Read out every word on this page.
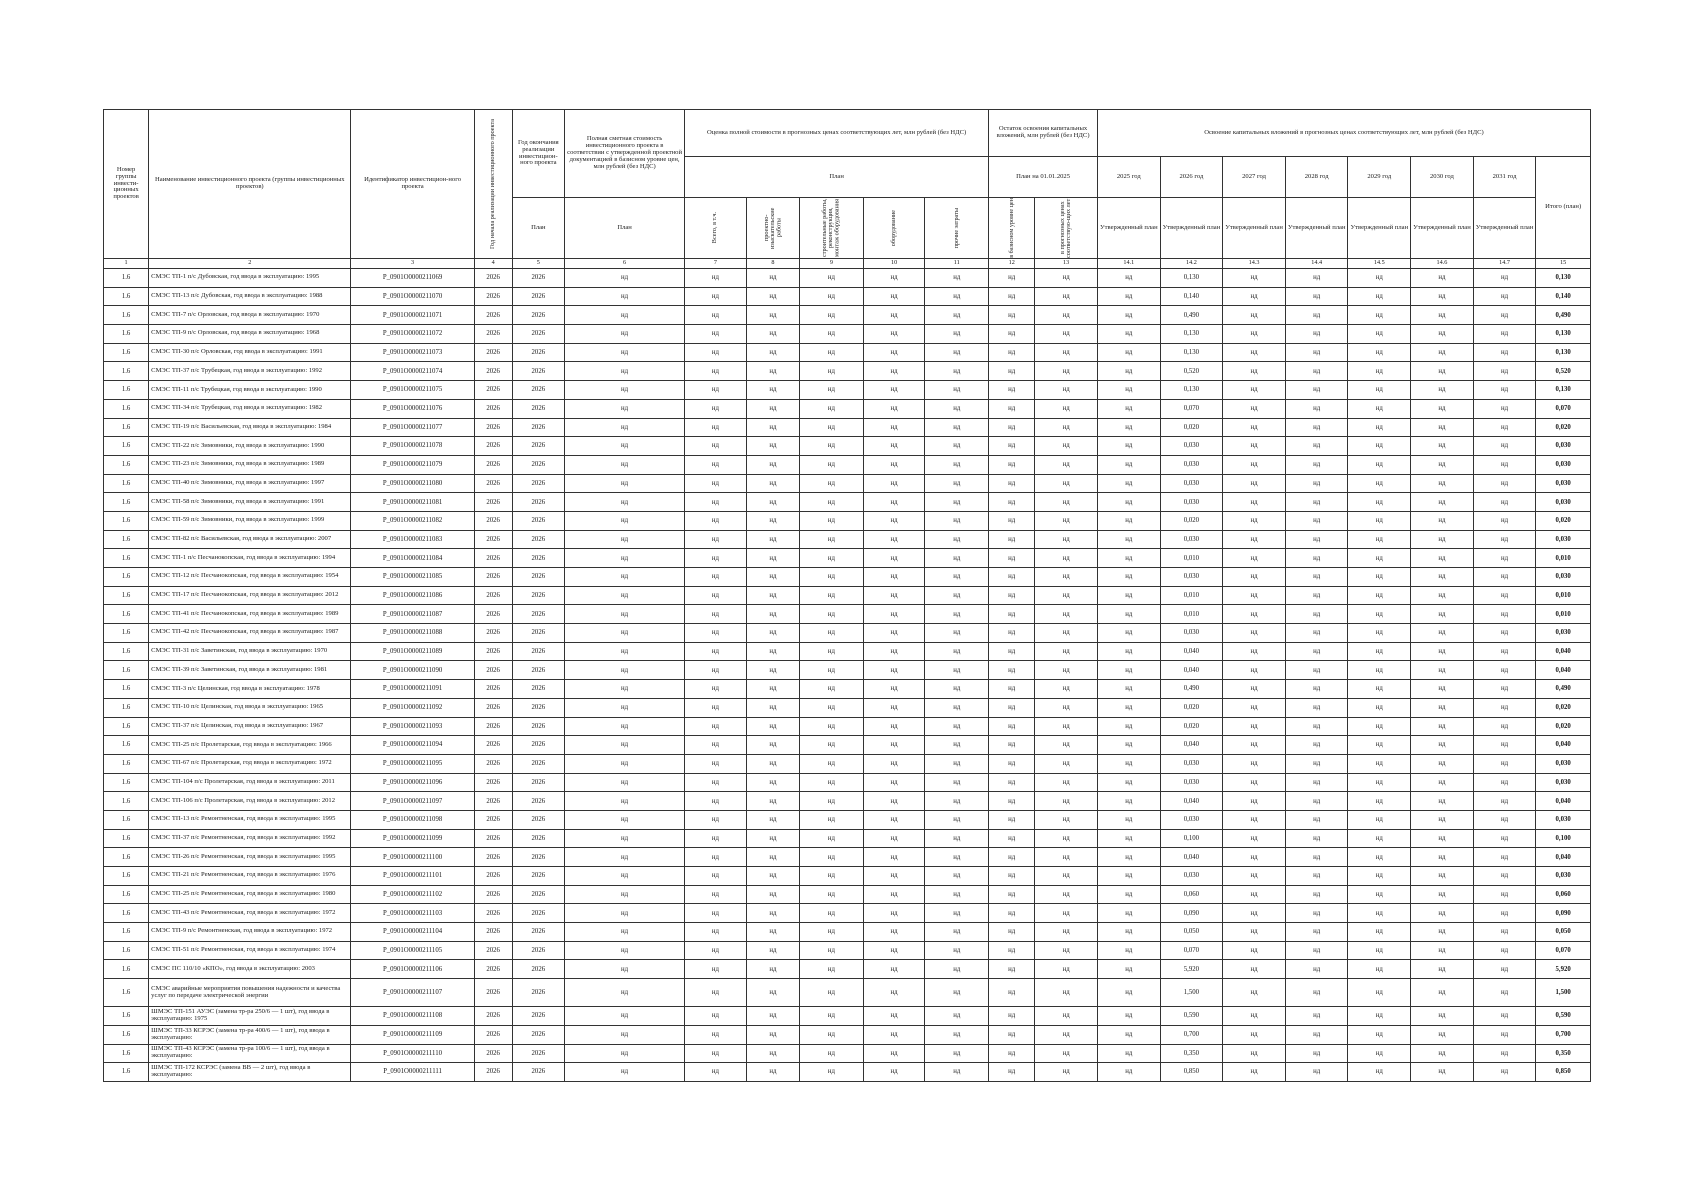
Номер группы инвести-ционных проектов	Наименование инвестиционного проекта (группы инвестиционных проектов)	Идентификатор инвестицион-ного проекта	Год начала реализации инвестиционного проекта	Год окончания реализации инвестицион-ного проекта	Полная сметная стоимость инвестиционного проекта в соответствии с утвержденной проектной документацией в базисном уровне цен, млн рублей (без НДС)	Оценка полной стоимости в прогнозных ценах соответствующих лет, млн рублей (без НДС)					Остаток освоения капитальных вложений, млн рублей (без НДС)		Освоение капитальных вложений в прогнозных ценах соответствующих лет, млн рублей (без НДС)							
						План					План на 01.01.2025		2025 год	2026 год	2027 год	2028 год	2029 год	2030 год	2031 год	Итого (план)
				План	План	Всего, в т.ч.	проектно-изыскательские работы	строительные работы, реконструкция, монтаж оборудования	оборудование	прочие затраты	в базисном уровне цен	в прогнозных ценах соответствую-щих лет	Утвержденный план	Утвержденный план	Утвержденный план	Утвержденный план	Утвержденный план	Утвержденный план	Утвержденный план	
1	2	3	4	5	6	7	8	9	10	11	12	13	14.1	14.2	14.3	14.4	14.5	14.6	14.7	15
1.6	СМЭС ТП-1 п/с Дубовская, год ввода в эксплуатацию: 1995	P_0901O0000211069	2026	2026	нд	нд	нд	нд	нд	нд	нд	нд	нд	0,130	нд	нд	нд	нд	нд	0,130
1.6	СМЭС ТП-13 п/с Дубовская, год ввода в эксплуатацию: 1988	P_0901O0000211070	2026	2026	нд	нд	нд	нд	нд	нд	нд	нд	нд	0,140	нд	нд	нд	нд	нд	0,140
1.6	СМЭС ТП-7 п/с Орловская, год ввода в эксплуатацию: 1970	P_0901O0000211071	2026	2026	нд	нд	нд	нд	нд	нд	нд	нд	нд	0,490	нд	нд	нд	нд	нд	0,490
1.6	СМЭС ТП-9 п/с Орловская, год ввода в эксплуатацию: 1968	P_0901O0000211072	2026	2026	нд	нд	нд	нд	нд	нд	нд	нд	нд	0,130	нд	нд	нд	нд	нд	0,130
1.6	СМЭС ТП-30 п/с Орловская, год ввода в эксплуатацию: 1991	P_0901O0000211073	2026	2026	нд	нд	нд	нд	нд	нд	нд	нд	нд	0,130	нд	нд	нд	нд	нд	0,130
1.6	СМЭС ТП-37 п/с Трубецкая, год ввода в эксплуатацию: 1992	P_0901O0000211074	2026	2026	нд	нд	нд	нд	нд	нд	нд	нд	нд	0,520	нд	нд	нд	нд	нд	0,520
1.6	СМЭС ТП-11 п/с Трубецкая, год ввода в эксплуатацию: 1990	P_0901O0000211075	2026	2026	нд	нд	нд	нд	нд	нд	нд	нд	нд	0,130	нд	нд	нд	нд	нд	0,130
1.6	СМЭС ТП-34 п/с Трубецкая, год ввода в эксплуатацию: 1982	P_0901O0000211076	2026	2026	нд	нд	нд	нд	нд	нд	нд	нд	нд	0,070	нд	нд	нд	нд	нд	0,070
1.6	СМЭС ТП-19 п/с Васильевская, год ввода в эксплуатацию: 1984	P_0901O0000211077	2026	2026	нд	нд	нд	нд	нд	нд	нд	нд	нд	0,020	нд	нд	нд	нд	нд	0,020
1.6	СМЭС ТП-22 п/с Зимовники, год ввода в эксплуатацию: 1990	P_0901O0000211078	2026	2026	нд	нд	нд	нд	нд	нд	нд	нд	нд	0,030	нд	нд	нд	нд	нд	0,030
1.6	СМЭС ТП-23 п/с Зимовники, год ввода в эксплуатацию: 1989	P_0901O0000211079	2026	2026	нд	нд	нд	нд	нд	нд	нд	нд	нд	0,030	нд	нд	нд	нд	нд	0,030
1.6	СМЭС ТП-40 п/с Зимовники, год ввода в эксплуатацию: 1997	P_0901O0000211080	2026	2026	нд	нд	нд	нд	нд	нд	нд	нд	нд	0,030	нд	нд	нд	нд	нд	0,030
1.6	СМЭС ТП-58 п/с Зимовники, год ввода в эксплуатацию: 1991	P_0901O0000211081	2026	2026	нд	нд	нд	нд	нд	нд	нд	нд	нд	0,030	нд	нд	нд	нд	нд	0,030
1.6	СМЭС ТП-59 п/с Зимовники, год ввода в эксплуатацию: 1999	P_0901O0000211082	2026	2026	нд	нд	нд	нд	нд	нд	нд	нд	нд	0,020	нд	нд	нд	нд	нд	0,020
1.6	СМЭС ТП-82 п/с Васильевская, год ввода в эксплуатацию: 2007	P_0901O0000211083	2026	2026	нд	нд	нд	нд	нд	нд	нд	нд	нд	0,030	нд	нд	нд	нд	нд	0,030
1.6	СМЭС ТП-1 п/с Песчанокопская, год ввода в эксплуатацию: 1994	P_0901O0000211084	2026	2026	нд	нд	нд	нд	нд	нд	нд	нд	нд	0,010	нд	нд	нд	нд	нд	0,010
1.6	СМЭС ТП-12 п/с Песчанокопская, год ввода в эксплуатацию: 1954	P_0901O0000211085	2026	2026	нд	нд	нд	нд	нд	нд	нд	нд	нд	0,030	нд	нд	нд	нд	нд	0,030
1.6	СМЭС ТП-17 п/с Песчанокопская, год ввода в эксплуатацию: 2012	P_0901O0000211086	2026	2026	нд	нд	нд	нд	нд	нд	нд	нд	нд	0,010	нд	нд	нд	нд	нд	0,010
1.6	СМЭС ТП-41 п/с Песчанокопская, год ввода в эксплуатацию: 1989	P_0901O0000211087	2026	2026	нд	нд	нд	нд	нд	нд	нд	нд	нд	0,010	нд	нд	нд	нд	нд	0,010
1.6	СМЭС ТП-42 п/с Песчанокопская, год ввода в эксплуатацию: 1987	P_0901O0000211088	2026	2026	нд	нд	нд	нд	нд	нд	нд	нд	нд	0,030	нд	нд	нд	нд	нд	0,030
1.6	СМЭС ТП-31 п/с Заветинская, год ввода в эксплуатацию: 1970	P_0901O0000211089	2026	2026	нд	нд	нд	нд	нд	нд	нд	нд	нд	0,040	нд	нд	нд	нд	нд	0,040
1.6	СМЭС ТП-39 п/с Заветинская, год ввода в эксплуатацию: 1981	P_0901O0000211090	2026	2026	нд	нд	нд	нд	нд	нд	нд	нд	нд	0,040	нд	нд	нд	нд	нд	0,040
1.6	СМЭС ТП-3 п/с Целинская, год ввода в эксплуатацию: 1978	P_0901O0000211091	2026	2026	нд	нд	нд	нд	нд	нд	нд	нд	нд	0,490	нд	нд	нд	нд	нд	0,490
1.6	СМЭС ТП-10 п/с Целинская, год ввода в эксплуатацию: 1965	P_0901O0000211092	2026	2026	нд	нд	нд	нд	нд	нд	нд	нд	нд	0,020	нд	нд	нд	нд	нд	0,020
1.6	СМЭС ТП-37 п/с Целинская, год ввода в эксплуатацию: 1967	P_0901O0000211093	2026	2026	нд	нд	нд	нд	нд	нд	нд	нд	нд	0,020	нд	нд	нд	нд	нд	0,020
1.6	СМЭС ТП-25 п/с Пролетарская, год ввода в эксплуатацию: 1966	P_0901O0000211094	2026	2026	нд	нд	нд	нд	нд	нд	нд	нд	нд	0,040	нд	нд	нд	нд	нд	0,040
1.6	СМЭС ТП-67 п/с Пролетарская, год ввода в эксплуатацию: 1972	P_0901O0000211095	2026	2026	нд	нд	нд	нд	нд	нд	нд	нд	нд	0,030	нд	нд	нд	нд	нд	0,030
1.6	СМЭС ТП-104 п/с Пролетарская, год ввода в эксплуатацию: 2011	P_0901O0000211096	2026	2026	нд	нд	нд	нд	нд	нд	нд	нд	нд	0,030	нд	нд	нд	нд	нд	0,030
1.6	СМЭС ТП-106 п/с Пролетарская, год ввода в эксплуатацию: 2012	P_0901O0000211097	2026	2026	нд	нд	нд	нд	нд	нд	нд	нд	нд	0,040	нд	нд	нд	нд	нд	0,040
1.6	СМЭС ТП-13 п/с Ремонтненская, год ввода в эксплуатацию: 1995	P_0901O0000211098	2026	2026	нд	нд	нд	нд	нд	нд	нд	нд	нд	0,030	нд	нд	нд	нд	нд	0,030
1.6	СМЭС ТП-37 п/с Ремонтненская, год ввода в эксплуатацию: 1992	P_0901O0000211099	2026	2026	нд	нд	нд	нд	нд	нд	нд	нд	нд	0,100	нд	нд	нд	нд	нд	0,100
1.6	СМЭС ТП-26 п/с Ремонтненская, год ввода в эксплуатацию: 1995	P_0901O0000211100	2026	2026	нд	нд	нд	нд	нд	нд	нд	нд	нд	0,040	нд	нд	нд	нд	нд	0,040
1.6	СМЭС ТП-21 п/с Ремонтненская, год ввода в эксплуатацию: 1976	P_0901O0000211101	2026	2026	нд	нд	нд	нд	нд	нд	нд	нд	нд	0,030	нд	нд	нд	нд	нд	0,030
1.6	СМЭС ТП-25 п/с Ремонтненская, год ввода в эксплуатацию: 1980	P_0901O0000211102	2026	2026	нд	нд	нд	нд	нд	нд	нд	нд	нд	0,060	нд	нд	нд	нд	нд	0,060
1.6	СМЭС ТП-43 п/с Ремонтненская, год ввода в эксплуатацию: 1972	P_0901O0000211103	2026	2026	нд	нд	нд	нд	нд	нд	нд	нд	нд	0,090	нд	нд	нд	нд	нд	0,090
1.6	СМЭС ТП-9 п/с Ремонтненская, год ввода в эксплуатацию: 1972	P_0901O0000211104	2026	2026	нд	нд	нд	нд	нд	нд	нд	нд	нд	0,050	нд	нд	нд	нд	нд	0,050
1.6	СМЭС ТП-51 п/с Ремонтненская, год ввода в эксплуатацию: 1974	P_0901O0000211105	2026	2026	нд	нд	нд	нд	нд	нд	нд	нд	нд	0,070	нд	нд	нд	нд	нд	0,070
1.6	СМЭС ПС 110/10 «КПО», год ввода в эксплуатацию: 2003	P_0901O0000211106	2026	2026	нд	нд	нд	нд	нд	нд	нд	нд	нд	5,920	нд	нд	нд	нд	нд	5,920
1.6	СМЭС аварийные мероприятия повышения надежности и качества услуг по передаче электрической энергии	P_0901O0000211107	2026	2026	нд	нд	нд	нд	нд	нд	нд	нд	нд	1,500	нд	нд	нд	нд	нд	1,500
1.6	ШМЭС ТП-151 АУЭС (замена тр-ра 250/6 — 1 шт), год ввода в эксплуатацию: 1975	P_0901O0000211108	2026	2026	нд	нд	нд	нд	нд	нд	нд	нд	нд	0,590	нд	нд	нд	нд	нд	0,590
1.6	ШМЭС ТП-33 КСРЭС (замена тр-ра 400/6 — 1 шт), год ввода в эксплуатацию:	P_0901O0000211109	2026	2026	нд	нд	нд	нд	нд	нд	нд	нд	нд	0,700	нд	нд	нд	нд	нд	0,700
1.6	ШМЭС ТП-43 КСРЭС (замена тр-ра 100/6 — 1 шт), год ввода в эксплуатацию:	P_0901O0000211110	2026	2026	нд	нд	нд	нд	нд	нд	нд	нд	нд	0,350	нд	нд	нд	нд	нд	0,350
1.6	ШМЭС ТП-172 КСРЭС (замена ВВ — 2 шт), год ввода в эксплуатацию:	P_0901O0000211111	2026	2026	нд	нд	нд	нд	нд	нд	нд	нд	нд	0,850	нд	нд	нд	нд	нд	0,850
